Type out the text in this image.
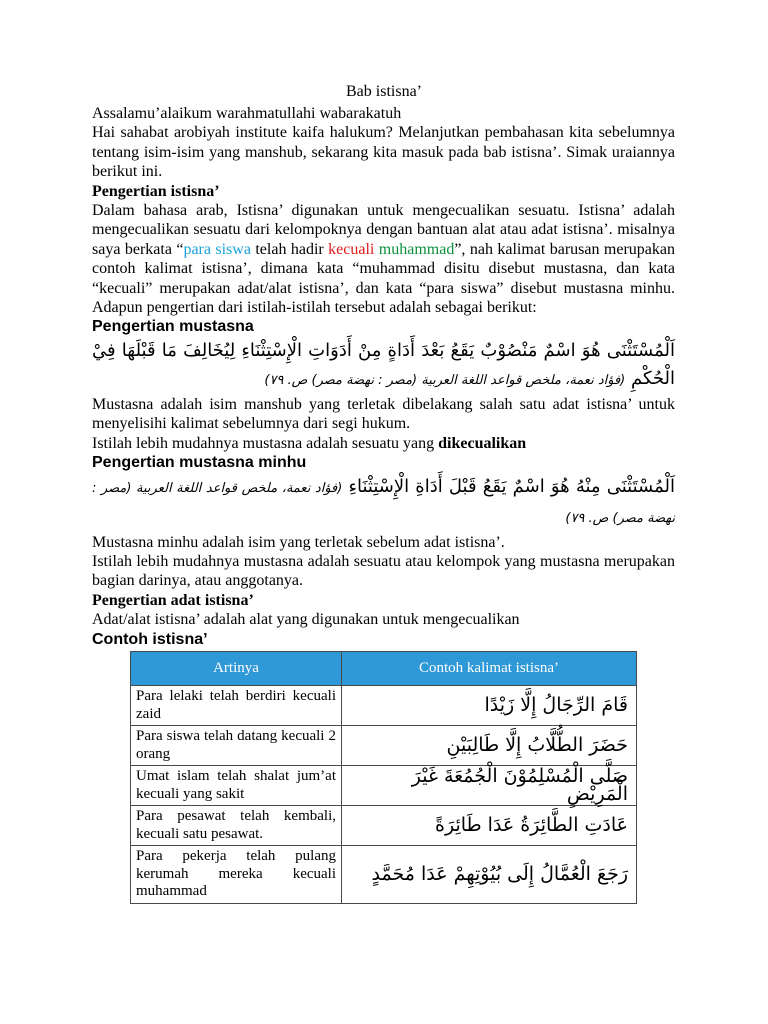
Bab istisna’

Assalamu’alaikum warahmatullahi wabarakatuh

Hai sahabat arobiyah institute kaifa halukum? Melanjutkan pembahasan kita sebelumnya tentang isim-isim yang manshub, sekarang kita masuk pada bab istisna’. Simak uraiannya berikut ini.

Pengertian istisna’

Dalam bahasa arab, Istisna’ digunakan untuk mengecualikan sesuatu. Istisna’ adalah mengecualikan sesuatu dari kelompoknya dengan bantuan alat atau adat istisna’. misalnya saya berkata “para siswa telah hadir kecuali muhammad”, nah kalimat barusan merupakan contoh kalimat istisna’, dimana kata “muhammad disitu disebut mustasna, dan kata “kecuali” merupakan adat/alat istisna’, dan kata “para siswa” disebut mustasna minhu. Adapun pengertian dari istilah-istilah tersebut adalah sebagai berikut:

Pengertian mustasna

اَلْمُسْتَثْنَى هُوَ اسْمٌ مَنْصُوْبٌ يَقَعُ بَعْدَ أَدَاةٍ مِنْ أَدَوَاتِ الْإِسْتِثْنَاءِ لِيُخَالِفَ مَا قَبْلَهَا فِيْ الْحُكْمِ (فؤاد نعمة، ملخص قواعد اللغة العربية (مصر : نهضة مصر) ص. ٧٩)

Mustasna adalah isim manshub yang terletak dibelakang salah satu adat istisna’ untuk menyelisihi kalimat sebelumnya dari segi hukum.

Istilah lebih mudahnya mustasna adalah sesuatu yang dikecualikan

Pengertian mustasna minhu

اَلْمُسْتَثْنَى مِنْهُ هُوَ اسْمٌ يَقَعُ قَبْلَ أَدَاةِ الْإِسْتِثْنَاءِ (فؤاد نعمة، ملخص قواعد اللغة العربية (مصر : نهضة مصر) ص. ٧٩)

Mustasna minhu adalah isim yang terletak sebelum adat istisna’.

Istilah lebih mudahnya mustasna adalah sesuatu atau kelompok yang mustasna merupakan bagian darinya, atau anggotanya.

Pengertian adat istisna’

Adat/alat istisna’ adalah alat yang digunakan untuk mengecualikan

Contoh istisna’

Artinya	Contoh kalimat istisna’
Para lelaki telah berdiri kecuali zaid	قَامَ الرِّجَالُ إِلَّا زَيْدًا
Para siswa telah datang kecuali 2 orang	حَضَرَ الطُّلَّابُ إِلَّا طَالِبَيْنِ
Umat islam telah shalat jum’at kecuali yang sakit	صَلَّى الْمُسْلِمُوْنَ الْجُمُعَةَ غَيْرَ الْمَرِيْضِ
Para pesawat telah kembali, kecuali satu pesawat.	عَادَتِ الطَّائِرَةُ عَدَا طَائِرَةً
Para pekerja telah pulang kerumah mereka kecuali muhammad	رَجَعَ الْعُمَّالُ إِلَى بُيُوْتِهِمْ عَدَا مُحَمَّدٍ
